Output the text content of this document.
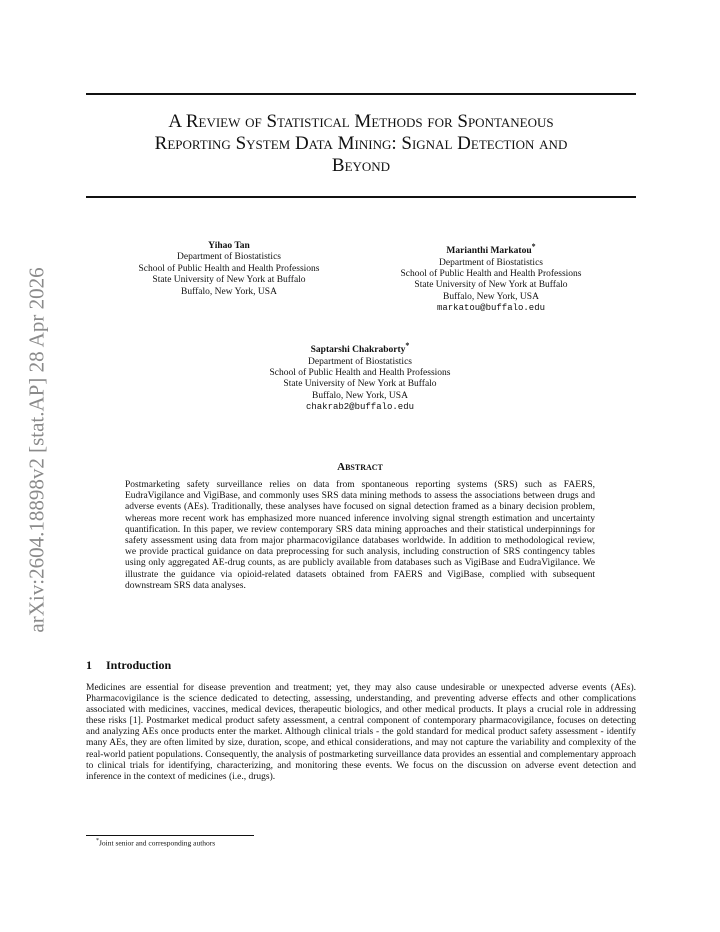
arXiv:2604.18898v2 [stat.AP] 28 Apr 2026
A Review of Statistical Methods for Spontaneous
Reporting System Data Mining: Signal Detection and
Beyond
Yihao Tan
Department of Biostatistics
School of Public Health and Health Professions
State University of New York at Buffalo
Buffalo, New York, USA
Marianthi Markatou*
Department of Biostatistics
School of Public Health and Health Professions
State University of New York at Buffalo
Buffalo, New York, USA
markatou@buffalo.edu
Saptarshi Chakraborty*
Department of Biostatistics
School of Public Health and Health Professions
State University of New York at Buffalo
Buffalo, New York, USA
chakrab2@buffalo.edu
Abstract

Postmarketing safety surveillance relies on data from spontaneous reporting systems (SRS) such as FAERS, EudraVigilance and VigiBase, and commonly uses SRS data mining methods to assess the associations between drugs and adverse events (AEs). Traditionally, these analyses have focused on signal detection framed as a binary decision problem, whereas more recent work has emphasized more nuanced inference involving signal strength estimation and uncertainty quantification. In this paper, we review contemporary SRS data mining approaches and their statistical underpinnings for safety assessment using data from major pharmacovigilance databases worldwide. In addition to methodological review, we provide practical guidance on data preprocessing for such analysis, including construction of SRS contingency tables using only aggregated AE-drug counts, as are publicly available from databases such as VigiBase and EudraVigilance. We illustrate the guidance via opioid-related datasets obtained from FAERS and VigiBase, complied with subsequent downstream SRS data analyses.

1 Introduction

Medicines are essential for disease prevention and treatment; yet, they may also cause undesirable or unexpected adverse events (AEs). Pharmacovigilance is the science dedicated to detecting, assessing, understanding, and preventing adverse effects and other complications associated with medicines, vaccines, medical devices, therapeutic biologics, and other medical products. It plays a crucial role in addressing these risks [1]. Postmarket medical product safety assessment, a central component of contemporary pharmacovigilance, focuses on detecting and analyzing AEs once products enter the market. Although clinical trials - the gold standard for medical product safety assessment - identify many AEs, they are often limited by size, duration, scope, and ethical considerations, and may not capture the variability and complexity of the real-world patient populations. Consequently, the analysis of postmarketing surveillance data provides an essential and complementary approach to clinical trials for identifying, characterizing, and monitoring these events. We focus on the discussion on adverse event detection and inference in the context of medicines (i.e., drugs).

*Joint senior and corresponding authors
